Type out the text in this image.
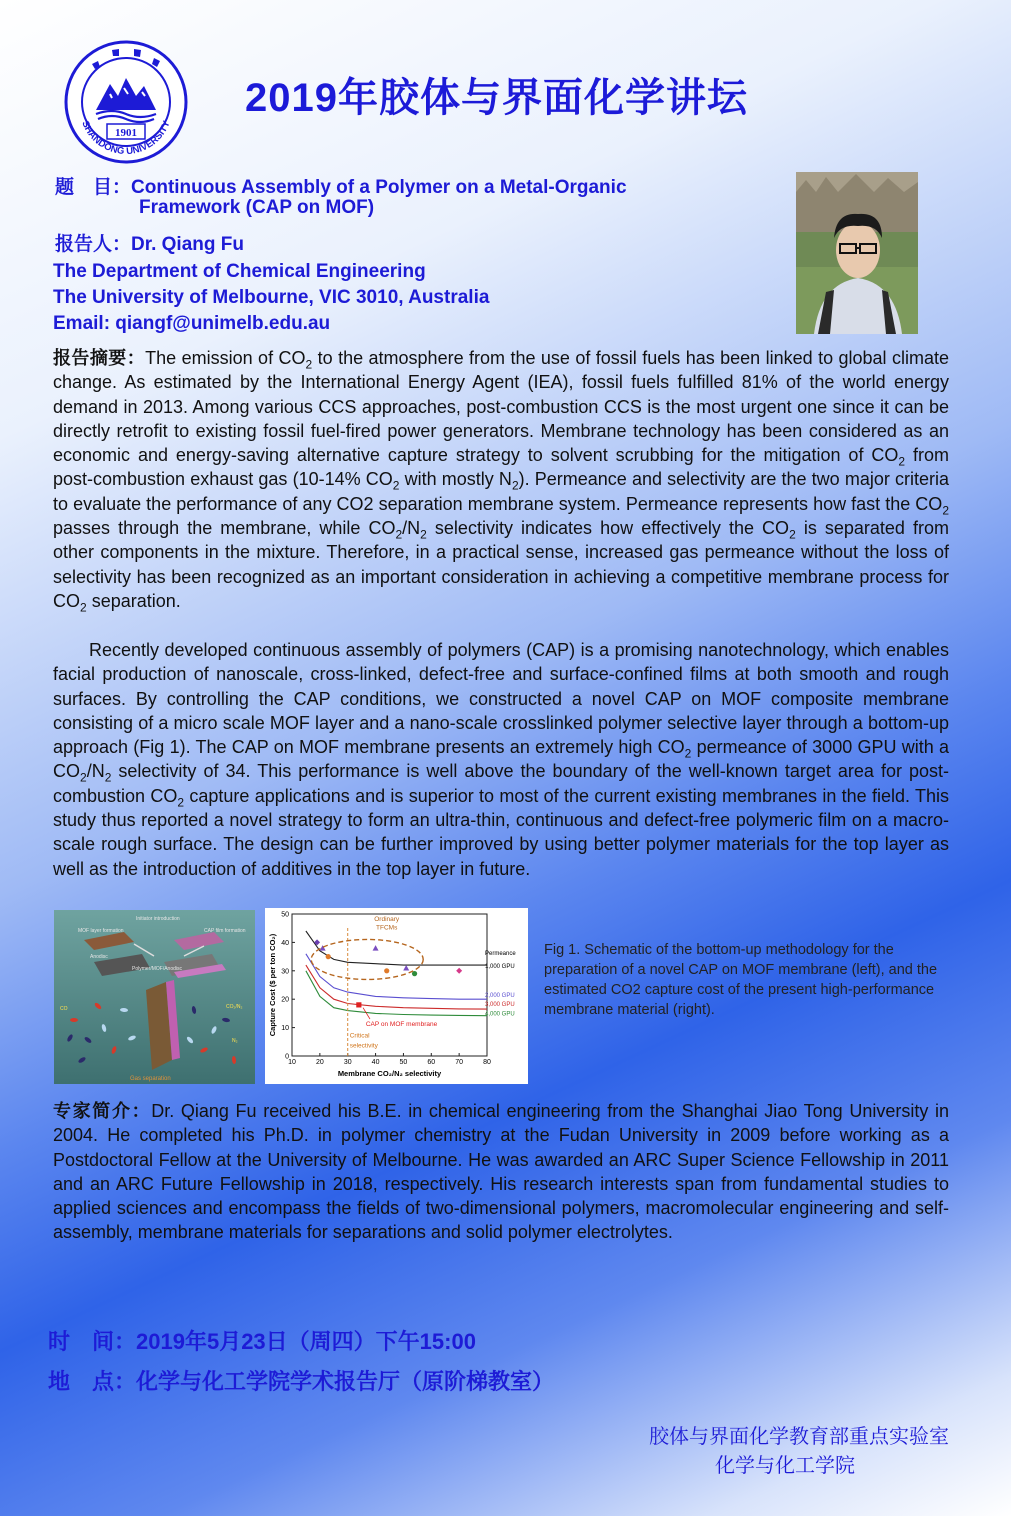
SHANDONG UNIVERSITY
1901
2019年胶体与界面化学讲坛
题　目：Continuous Assembly of a Polymer on a Metal-Organic
Framework (CAP on MOF)
报告人：Dr. Qiang Fu
The Department of Chemical Engineering
The University of Melbourne, VIC 3010, Australia
Email: qiangf@unimelb.edu.au
报告摘要：The emission of $CO_2$ to the atmosphere from the use of fossil fuels has been linked to global climate change. As estimated by the International Energy Agent (IEA), fossil fuels fulfilled 81% of the world energy demand in 2013. Among various CCS approaches, post-combustion CCS is the most urgent one since it can be directly retrofit to existing fossil fuel-fired power generators. Membrane technology has been considered as an economic and energy-saving alternative capture strategy to solvent scrubbing for the mitigation of $CO_2$ from post-combustion exhaust gas (10-14% $CO_2$ with mostly $N_2$). Permeance and selectivity are the two major criteria to evaluate the performance of any CO2 separation membrane system. Permeance represents how fast the $CO_2$ passes through the membrane, while $CO_2/N_2$ selectivity indicates how effectively the $CO_2$ is separated from other components in the mixture. Therefore, in a practical sense, increased gas permeance without the loss of selectivity has been recognized as an important consideration in achieving a competitive membrane process for $CO_2$ separation.
Recently developed continuous assembly of polymers (CAP) is a promising nanotechnology, which enables facial production of nanoscale, cross-linked, defect-free and surface-confined films at both smooth and rough surfaces. By controlling the CAP conditions, we constructed a novel CAP on MOF composite membrane consisting of a micro scale MOF layer and a nano-scale crosslinked polymer selective layer through a bottom-up approach (Fig 1). The CAP on MOF membrane presents an extremely high $CO_2$ permeance of 3000 GPU with a $CO_2/N_2$ selectivity of 34. This performance is well above the boundary of the well-known target area for post-combustion $CO_2$ capture applications and is superior to most of the current existing membranes in the field. This study thus reported a novel strategy to form an ultra-thin, continuous and defect-free polymeric film on a macro-scale rough surface. The design can be further improved by using better polymer materials for the top layer as well as the introduction of additives in the top layer in future.
Initiator introduction
MOF layer formation	CAP film formation
Polymer/MOF/Anodisc
Anodisc
CO	CO₂/N₂
N₂
Gas separation
10	20	30	40	50	60	70	80
0
10
20
30
40
50
Membrane CO₂/N₂ selectivity
Capture Cost ($ per ton CO₂)
Ordinary
TFCMs
Permeance
1,000 GPU
2,000 GPU
3,000 GPU
4,000 GPU
CAP on MOF membrane
Critical
selectivity
Fig 1. Schematic of the bottom-up methodology for the preparation of a novel CAP on MOF membrane (left), and the estimated CO2 capture cost of the present high-performance membrane material (right).
专家简介：Dr. Qiang Fu received his B.E. in chemical engineering from the Shanghai Jiao Tong University in 2004. He completed his Ph.D. in polymer chemistry at the Fudan University in 2009 before working as a Postdoctoral Fellow at the University of Melbourne. He was awarded an ARC Super Science Fellowship in 2011 and an ARC Future Fellowship in 2018, respectively. His research interests span from fundamental studies to applied sciences and encompass the fields of two-dimensional polymers, macromolecular engineering and self-assembly, membrane materials for separations and solid polymer electrolytes.
时　间：2019年5月23日（周四）下午15:00
地　点：化学与化工学院学术报告厅（原阶梯教室）
胶体与界面化学教育部重点实验室
化学与化工学院
